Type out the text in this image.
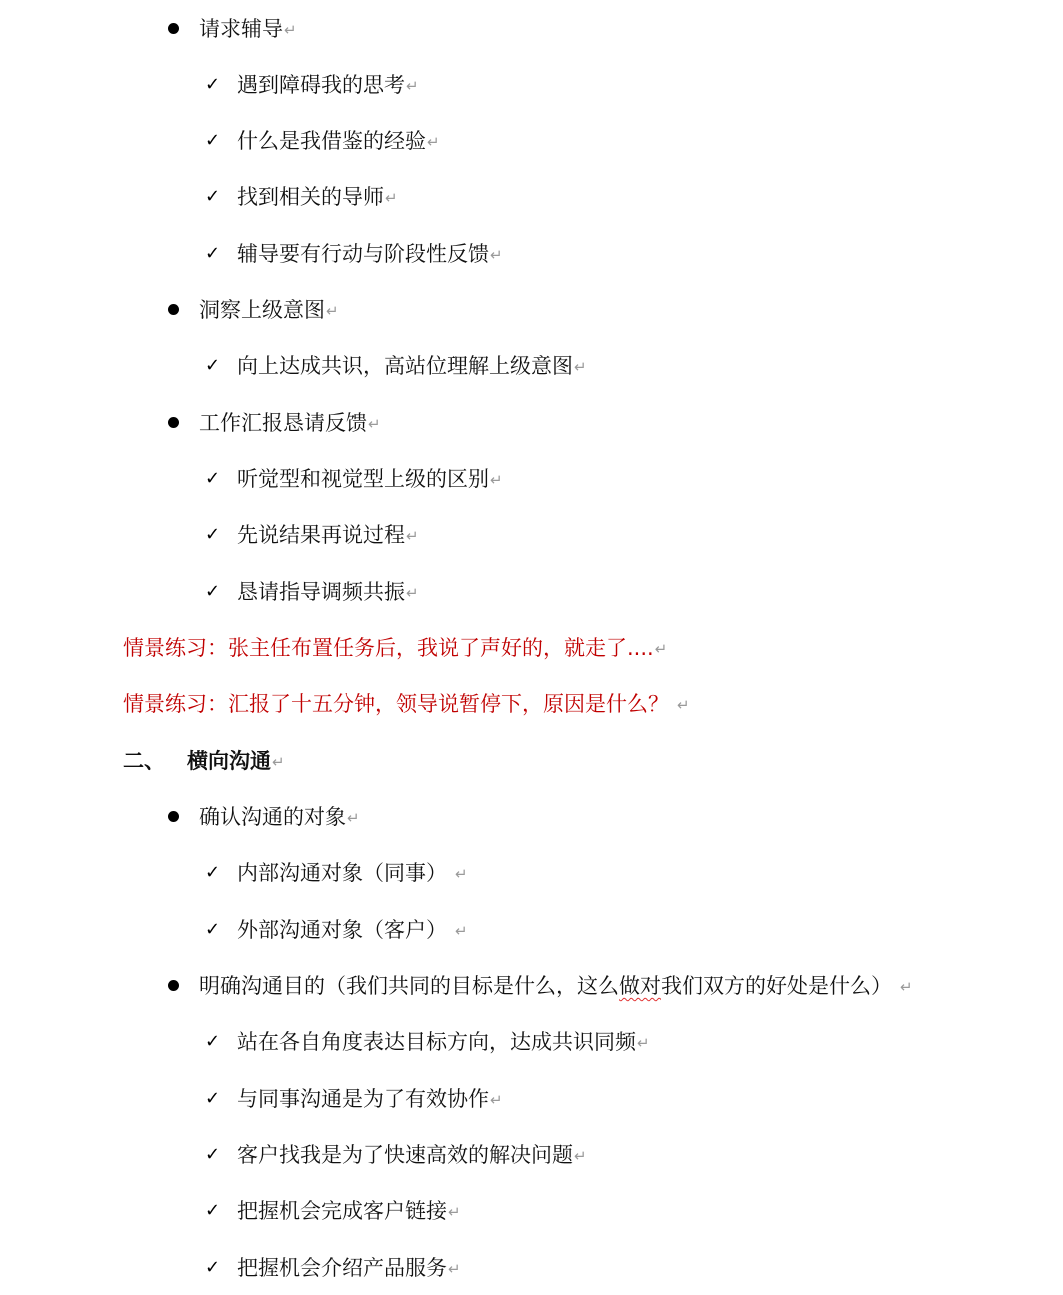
请求辅导 ↵
✓ 遇到障碍我的思考 ↵
✓ 什么是我借鉴的经验 ↵
✓ 找到相关的导师 ↵
✓ 辅导要有行动与阶段性反馈 ↵
洞察上级意图 ↵
✓ 向上达成共识，高站位理解上级意图 ↵
工作汇报恳请反馈 ↵
✓ 听觉型和视觉型上级的区别 ↵
✓ 先说结果再说过程 ↵
✓ 恳请指导调频共振 ↵
情景练习：张主任布置任务后，我说了声好的，就走了.... ↵
情景练习：汇报了十五分钟，领导说暂停下，原因是什么？ ↵
二、	横向沟通 ↵
确认沟通的对象 ↵
✓ 内部沟通对象（同事） ↵
✓ 外部沟通对象（客户） ↵
明确沟通目的（我们共同的目标是什么，这么 做对 我们双方的好处是什么） ↵
✓ 站在各自角度表达目标方向，达成共识同频 ↵
✓ 与同事沟通是为了有效协作 ↵
✓ 客户找我是为了快速高效的解决问题 ↵
✓ 把握机会完成客户链接 ↵
✓ 把握机会介绍产品服务 ↵
